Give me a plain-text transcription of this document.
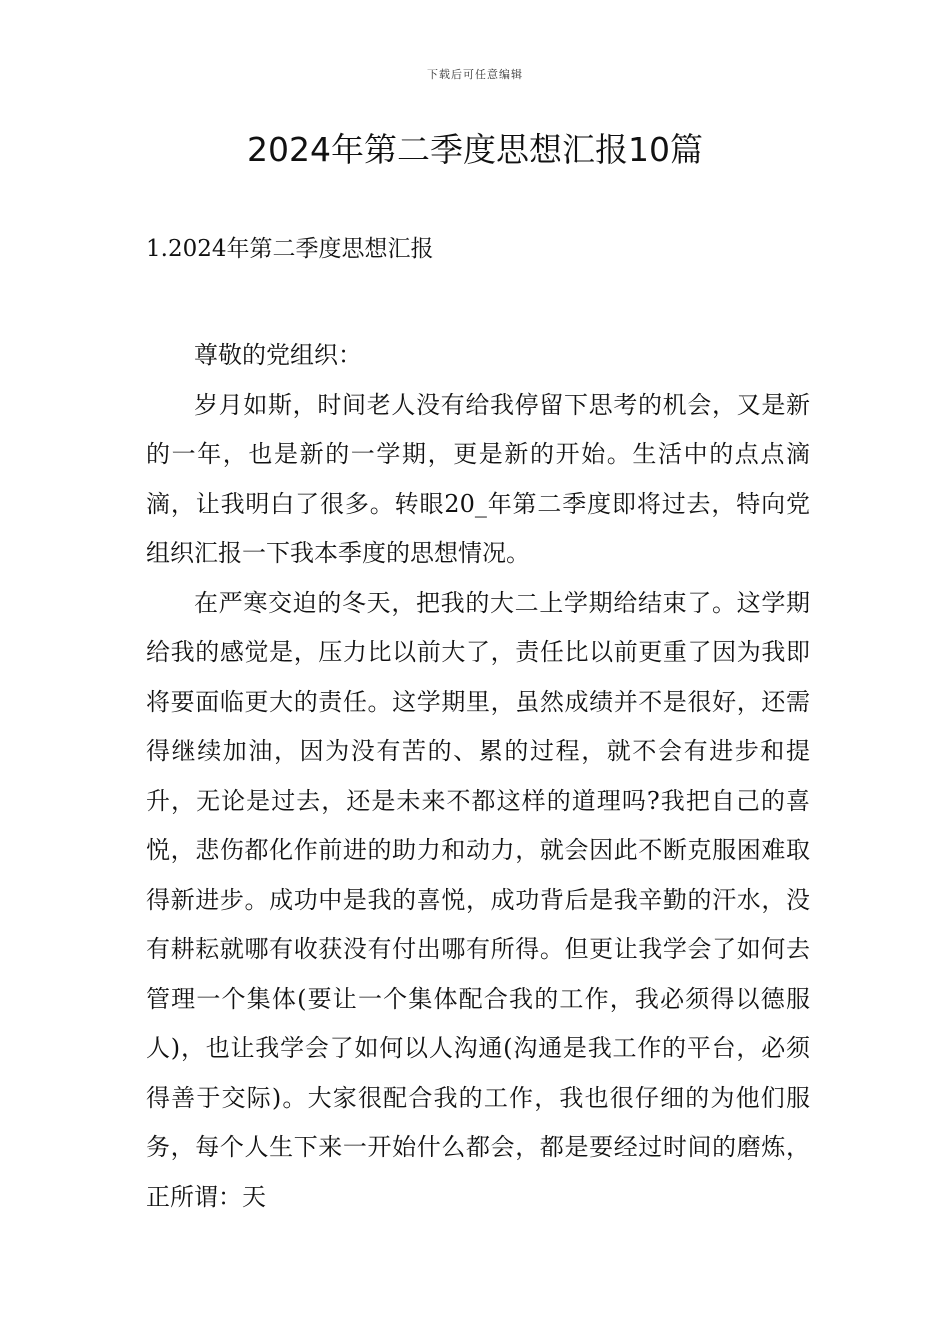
下载后可任意编辑
2024年第二季度思想汇报10篇
1.2024年第二季度思想汇报

尊敬的党组织：

岁月如斯，时间老人没有给我停留下思考的机会，又是新的一年，也是新的一学期，更是新的开始。生活中的点点滴滴，让我明白了很多。转眼20_年第二季度即将过去，特向党组织汇报一下我本季度的思想情况。

在严寒交迫的冬天，把我的大二上学期给结束了。这学期给我的感觉是，压力比以前大了，责任比以前更重了因为我即将要面临更大的责任。这学期里，虽然成绩并不是很好，还需得继续加油，因为没有苦的、累的过程，就不会有进步和提升，无论是过去，还是未来不都这样的道理吗?我把自己的喜悦，悲伤都化作前进的助力和动力，就会因此不断克服困难取得新进步。成功中是我的喜悦，成功背后是我辛勤的汗水，没有耕耘就哪有收获没有付出哪有所得。但更让我学会了如何去管理一个集体(要让一个集体配合我的工作，我必须得以德服人)，也让我学会了如何以人沟通(沟通是我工作的平台，必须得善于交际)。大家很配合我的工作，我也很仔细的为他们服务，每个人生下来一开始什么都会，都是要经过时间的磨炼，正所谓：天
